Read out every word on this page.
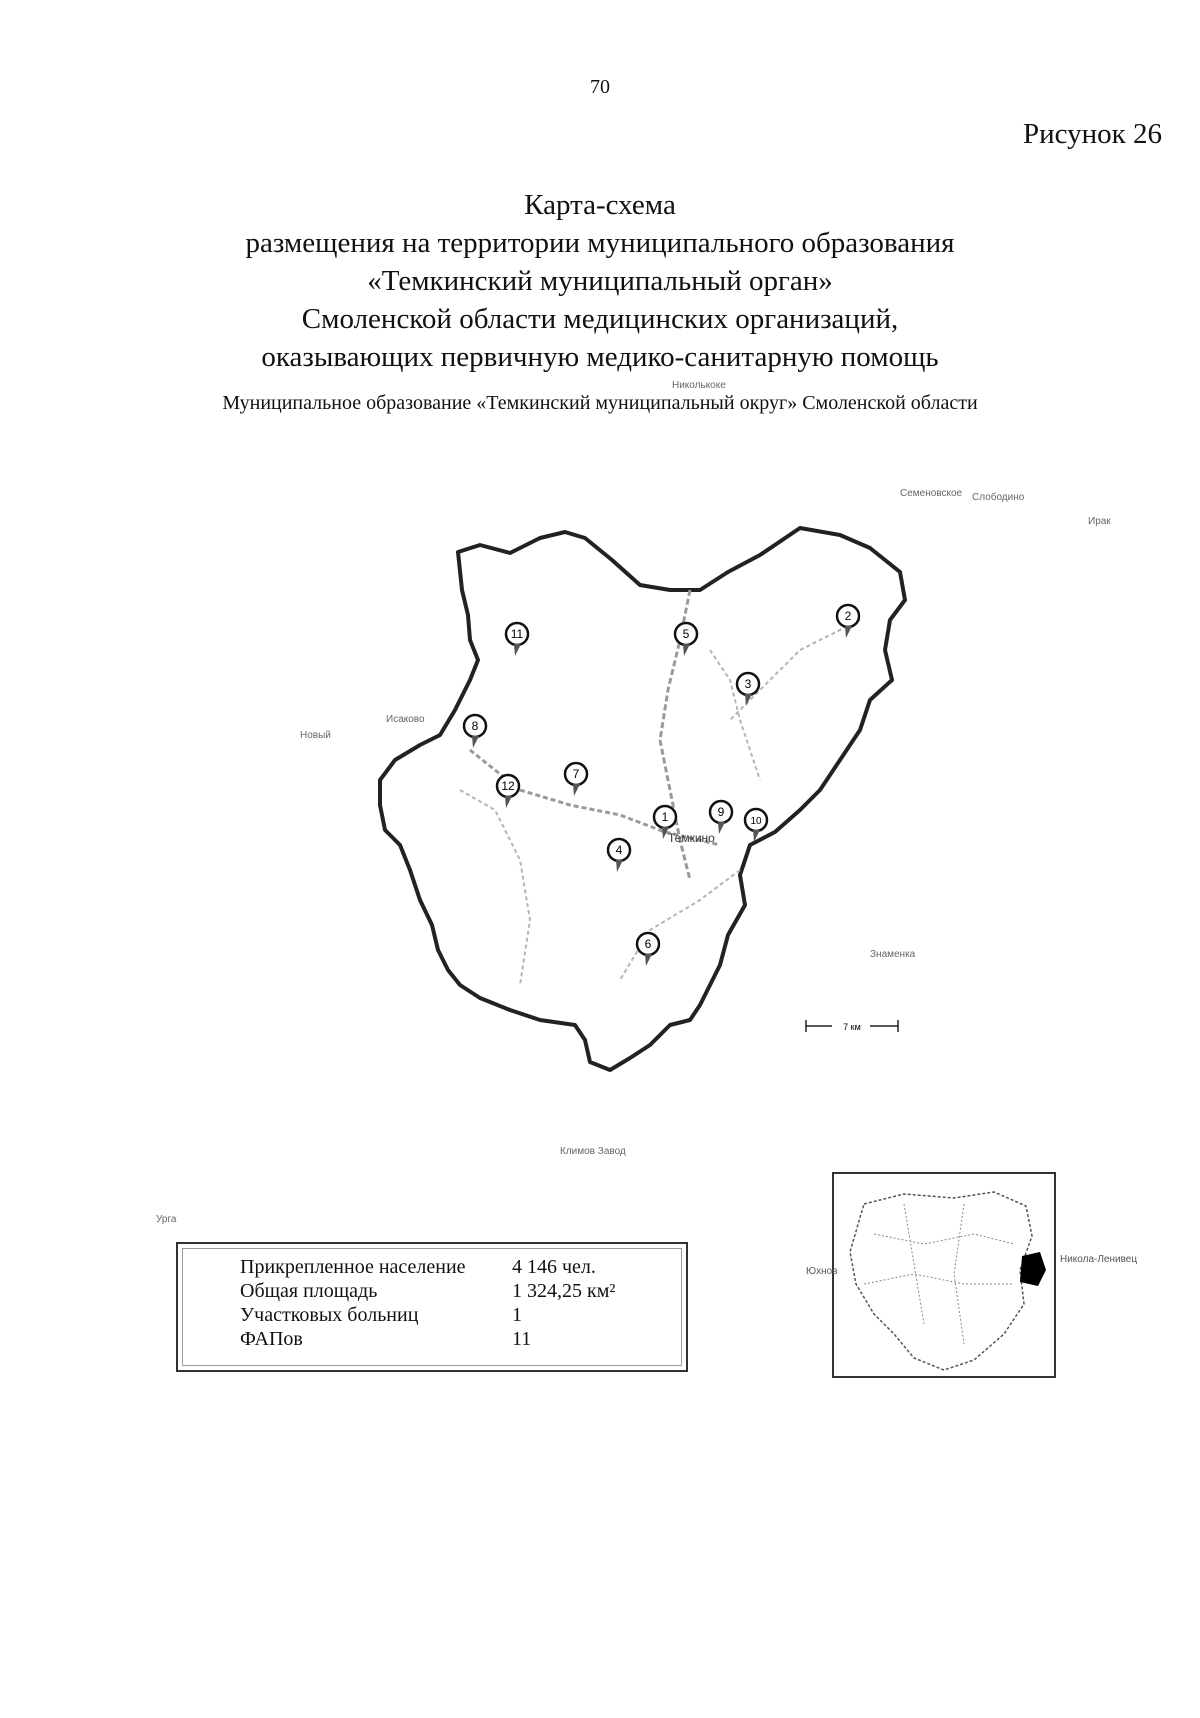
70
Рисунок 26
Карта-схема
размещения на территории муниципального образования
«Темкинский муниципальный орган»
Смоленской области медицинских организаций,
оказывающих первичную медико-санитарную помощь
Муниципальное образование «Темкинский муниципальный округ» Смоленской области
11	5
2
3
8
7
12
1	9
10
4
6
Темкино
7 км
Николькоке
Семеновское Слободино
Новый
Исаково
Знаменка
Ирак
Климов Завод
Урга
Прикрепленное население 4 146 чел.
Общая площадь	1 324,25 км²
Участковых больниц	1
ФАПов	11
Юхнов
Никола-Ленивец
